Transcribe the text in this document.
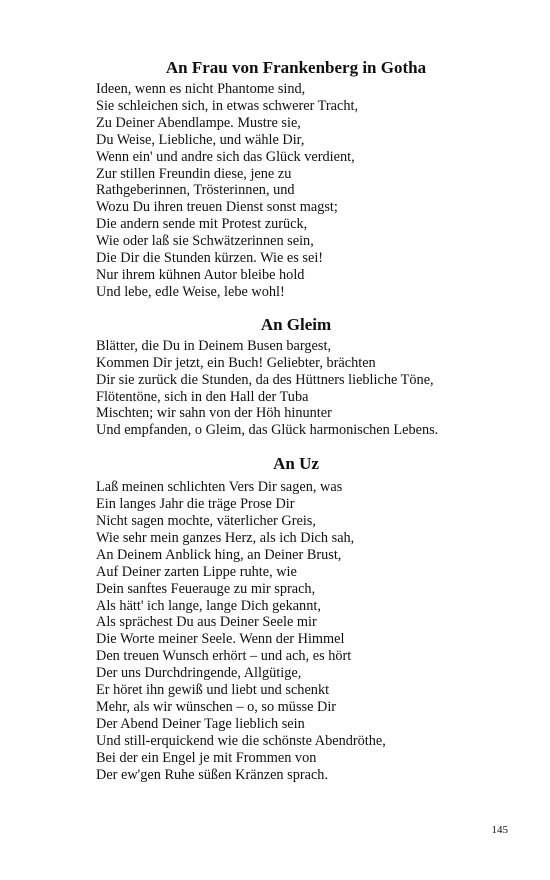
An Frau von Frankenberg in Gotha
Ideen, wenn es nicht Phantome sind,
Sie schleichen sich, in etwas schwerer Tracht,
Zu Deiner Abendlampe. Mustre sie,
Du Weise, Liebliche, und wähle Dir,
Wenn ein' und andre sich das Glück verdient,
Zur stillen Freundin diese, jene zu
Rathgeberinnen, Trösterinnen, und
Wozu Du ihren treuen Dienst sonst magst;
Die andern sende mit Protest zurück,
Wie oder laß sie Schwätzerinnen sein,
Die Dir die Stunden kürzen. Wie es sei!
Nur ihrem kühnen Autor bleibe hold
Und lebe, edle Weise, lebe wohl!
An Gleim
Blätter, die Du in Deinem Busen bargest,
Kommen Dir jetzt, ein Buch! Geliebter, brächten
Dir sie zurück die Stunden, da des Hüttners liebliche Töne,
Flötentöne, sich in den Hall der Tuba
Mischten; wir sahn von der Höh hinunter
Und empfanden, o Gleim, das Glück harmonischen Lebens.
An Uz
Laß meinen schlichten Vers Dir sagen, was
Ein langes Jahr die träge Prose Dir
Nicht sagen mochte, väterlicher Greis,
Wie sehr mein ganzes Herz, als ich Dich sah,
An Deinem Anblick hing, an Deiner Brust,
Auf Deiner zarten Lippe ruhte, wie
Dein sanftes Feuerauge zu mir sprach,
Als hätt' ich lange, lange Dich gekannt,
Als sprächest Du aus Deiner Seele mir
Die Worte meiner Seele. Wenn der Himmel
Den treuen Wunsch erhört – und ach, es hört
Der uns Durchdringende, Allgütige,
Er höret ihn gewiß und liebt und schenkt
Mehr, als wir wünschen – o, so müsse Dir
Der Abend Deiner Tage lieblich sein
Und still-erquickend wie die schönste Abendröthe,
Bei der ein Engel je mit Frommen von
Der ew'gen Ruhe süßen Kränzen sprach.
145
